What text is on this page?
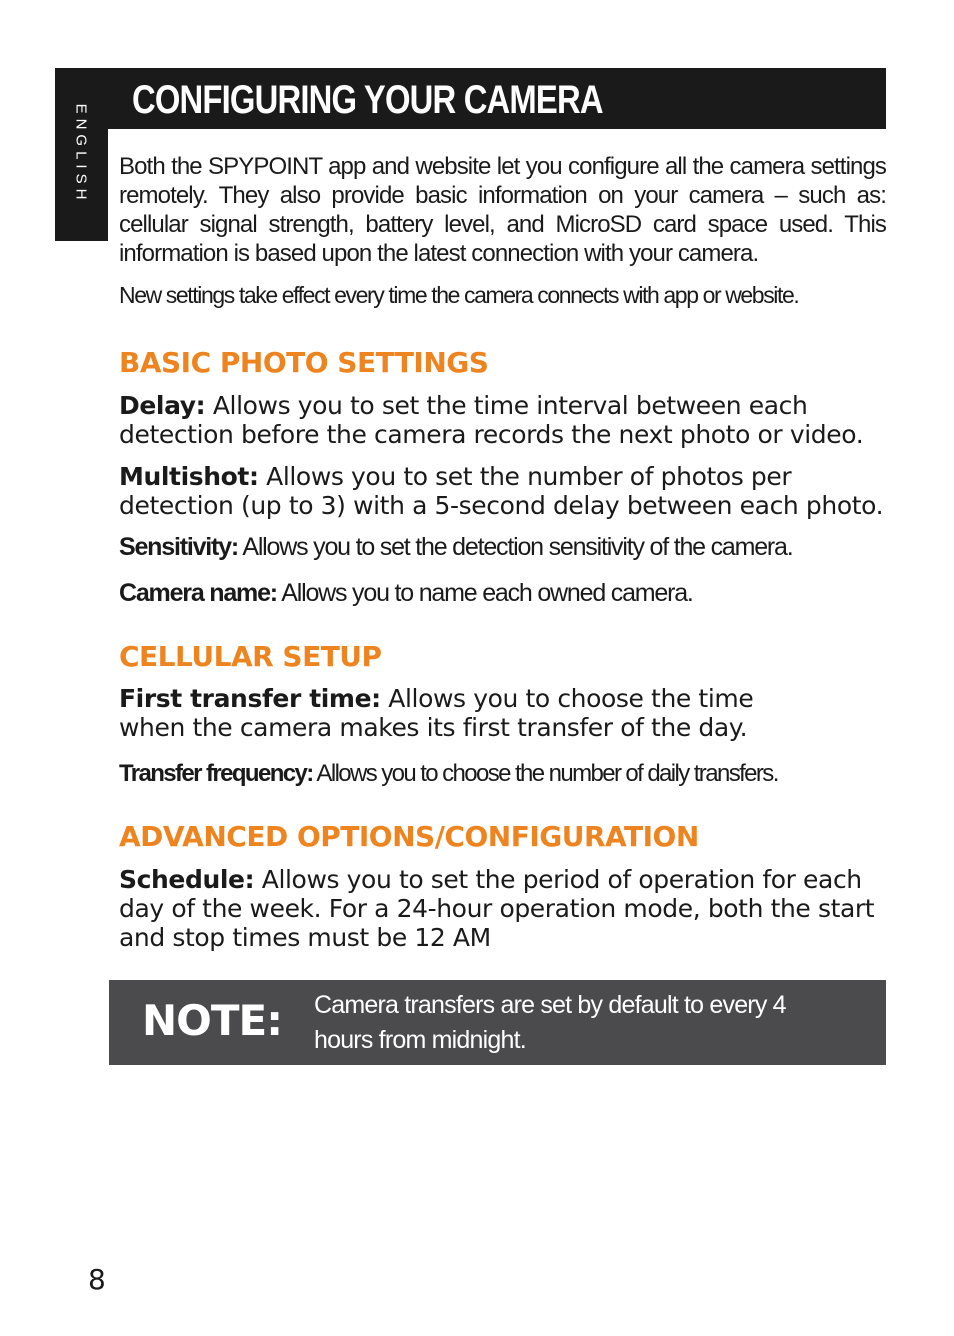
ENGLISH
CONFIGURING YOUR CAMERA

Both the SPYPOINT app and website let you configure all the camera settings remotely. They also provide basic information on your camera – such as: cellular signal strength, battery level, and MicroSD card space used. This information is based upon the latest connection with your camera.

New settings take effect every time the camera connects with app or website.

BASIC PHOTO SETTINGS

Delay: Allows you to set the time interval between each detection before the camera records the next photo or video.

Multishot: Allows you to set the number of photos per detection (up to 3) with a 5-second delay between each photo.

Sensitivity: Allows you to set the detection sensitivity of the camera.

Camera name: Allows you to name each owned camera.

CELLULAR SETUP

First transfer time: Allows you to choose the time
when the camera makes its first transfer of the day.

Transfer frequency: Allows you to choose the number of daily transfers.

ADVANCED OPTIONS/CONFIGURATION

Schedule: Allows you to set the period of operation for each day of the week. For a 24-hour operation mode, both the start and stop times must be 12 AM

NOTE: Camera transfers are set by default to every 4 hours from midnight.
8
